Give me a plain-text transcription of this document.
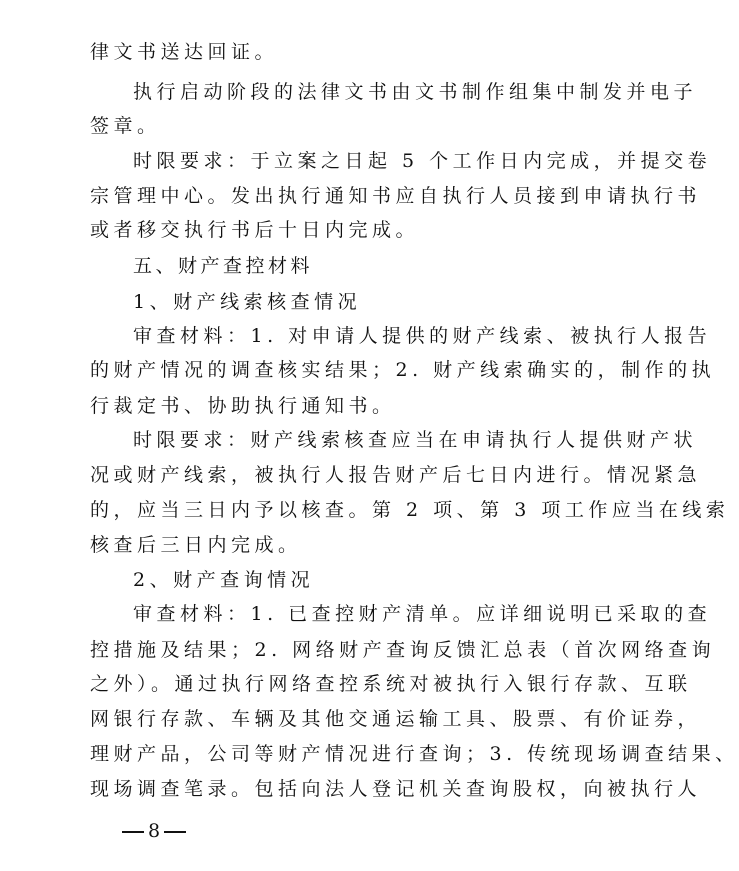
律文书送达回证。
执行启动阶段的法律文书由文书制作组集中制发并电子
签章。
时限要求：于立案之日起 5 个工作日内完成，并提交卷
宗管理中心。发出执行通知书应自执行人员接到申请执行书
或者移交执行书后十日内完成。
五、财产查控材料
1、财产线索核查情况
审查材料：1. 对申请人提供的财产线索、被执行人报告
的财产情况的调查核实结果；2. 财产线索确实的，制作的执
行裁定书、协助执行通知书。
时限要求：财产线索核查应当在申请执行人提供财产状
况或财产线索，被执行人报告财产后七日内进行。情况紧急
的，应当三日内予以核查。第 2 项、第 3 项工作应当在线索
核查后三日内完成。
2、财产查询情况
审查材料：1. 已查控财产清单。应详细说明已采取的查
控措施及结果；2. 网络财产查询反馈汇总表（首次网络查询
之外）。通过执行网络查控系统对被执行入银行存款、互联
网银行存款、车辆及其他交通运输工具、股票、有价证券，
理财产品，公司等财产情况进行查询；3. 传统现场调查结果、
现场调查笔录。包括向法人登记机关查询股权，向被执行人
8
